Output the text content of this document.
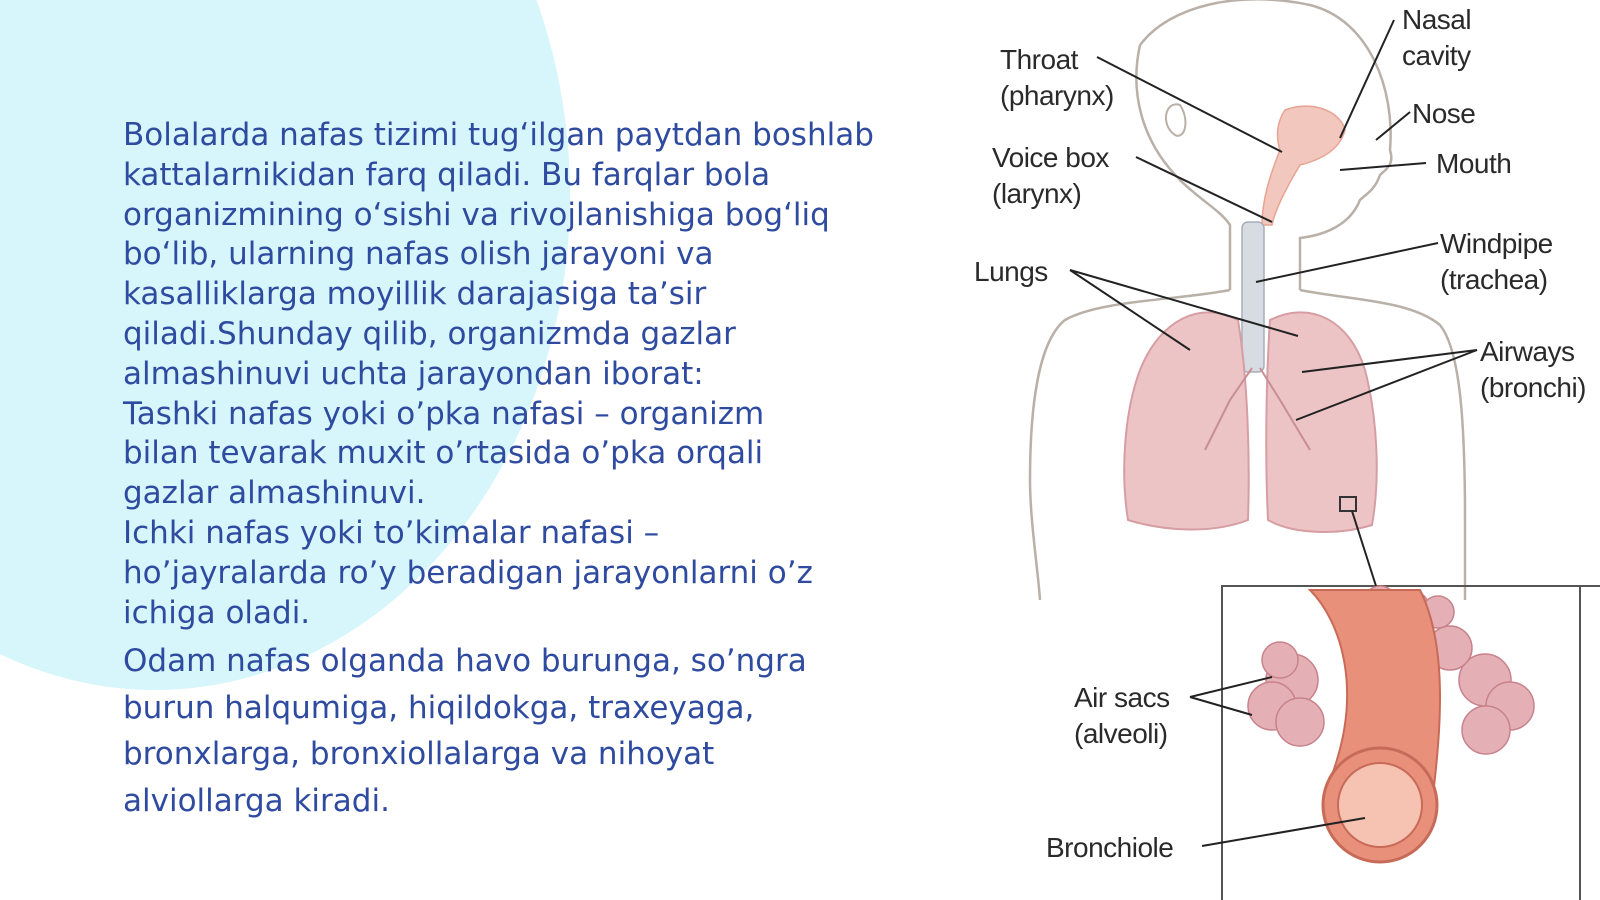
Bolalarda nafas tizimi tug‘ilgan paytdan boshlab
kattalarnikidan farq qiladi. Bu farqlar bola
organizmining o‘sishi va rivojlanishiga bog‘liq
bo‘lib, ularning nafas olish jarayoni va
kasalliklarga moyillik darajasiga ta’sir
qiladi.Shunday qilib, organizmda gazlar
almashinuvi uchta jarayondan iborat:
Tashki nafas yoki o’pka nafasi – organizm
bilan tevarak muxit o’rtasida o’pka orqali
gazlar almashinuvi.
Ichki nafas yoki to’kimalar nafasi –
ho’jayralarda ro’y beradigan jarayonlarni o’z
ichiga oladi.
Odam nafas olganda havo burunga, so’ngra
burun halqumiga, hiqildokga, traxeyaga,
bronxlarga, bronxiollalarga va nihoyat
alviollarga kiradi.
Throat
(pharynx)
Nasal
cavity
Nose
Mouth
Voice box
(larynx)
Lungs
Windpipe
(trachea)
Airways
(bronchi)
Air sacs
(alveoli)
Bronchiole
